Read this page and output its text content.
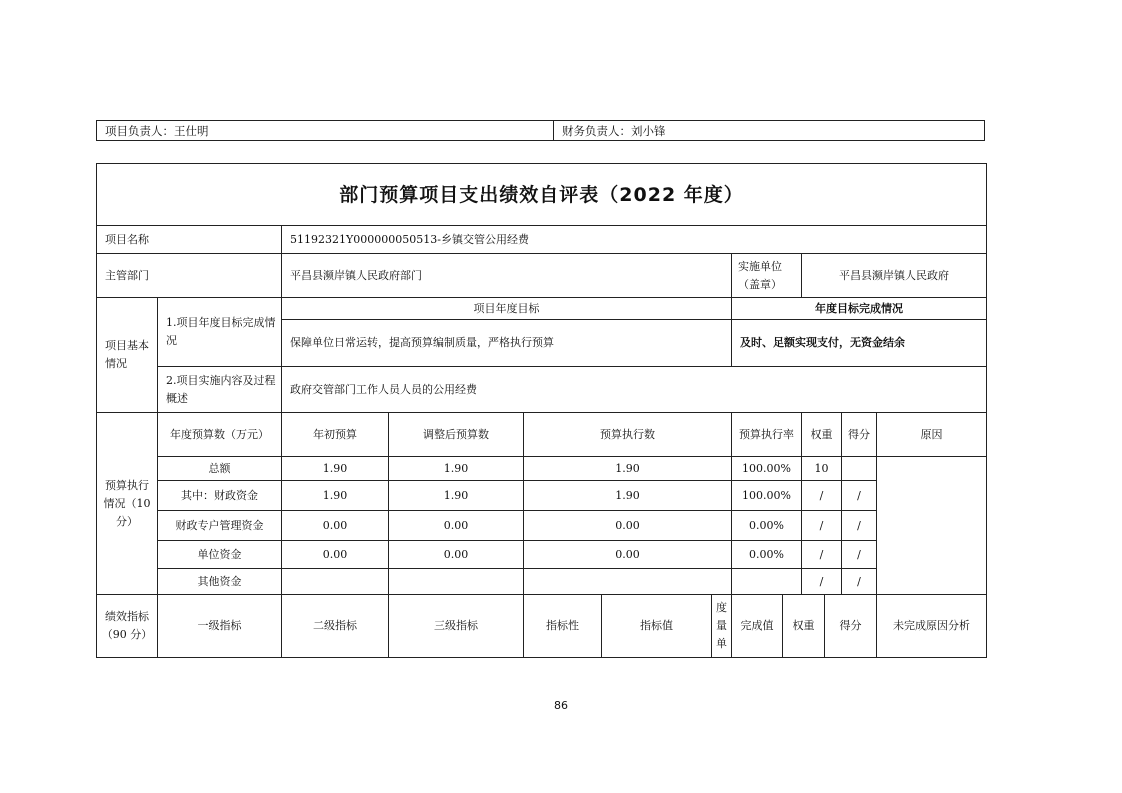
项目负责人：王仕明	财务负责人：刘小锋
部门预算项目支出绩效自评表（2022 年度）												
项目名称		51192321Y000000050513-乡镇交管公用经费										
主管部门		平昌县濒岸镇人民政府部门					实施单位（盖章）		平昌县濒岸镇人民政府			
项目基本情况	1.项目年度目标完成情况	项目年度目标					年度目标完成情况					
		保障单位日常运转，提高预算编制质量，严格执行预算					及时、足额实现支付，无资金结余					
	2.项目实施内容及过程概述	政府交管部门工作人员人员的公用经费										
预算执行情况（10 分）	年度预算数（万元）	年初预算	调整后预算数	预算执行数			预算执行率		权重		得分	原因
	总额	1.90	1.90	1.90			100.00%		10			
	其中：财政资金	1.90	1.90	1.90			100.00%		/		/	
	财政专户管理资金	0.00	0.00	0.00			0.00%		/		/	
	单位资金	0.00	0.00	0.00			0.00%		/		/	
	其他资金								/		/	
绩效指标（90 分）	一级指标	二级指标	三级指标	指标性	指标值	度量单	完成值	权重		得分		未完成原因分析
86
